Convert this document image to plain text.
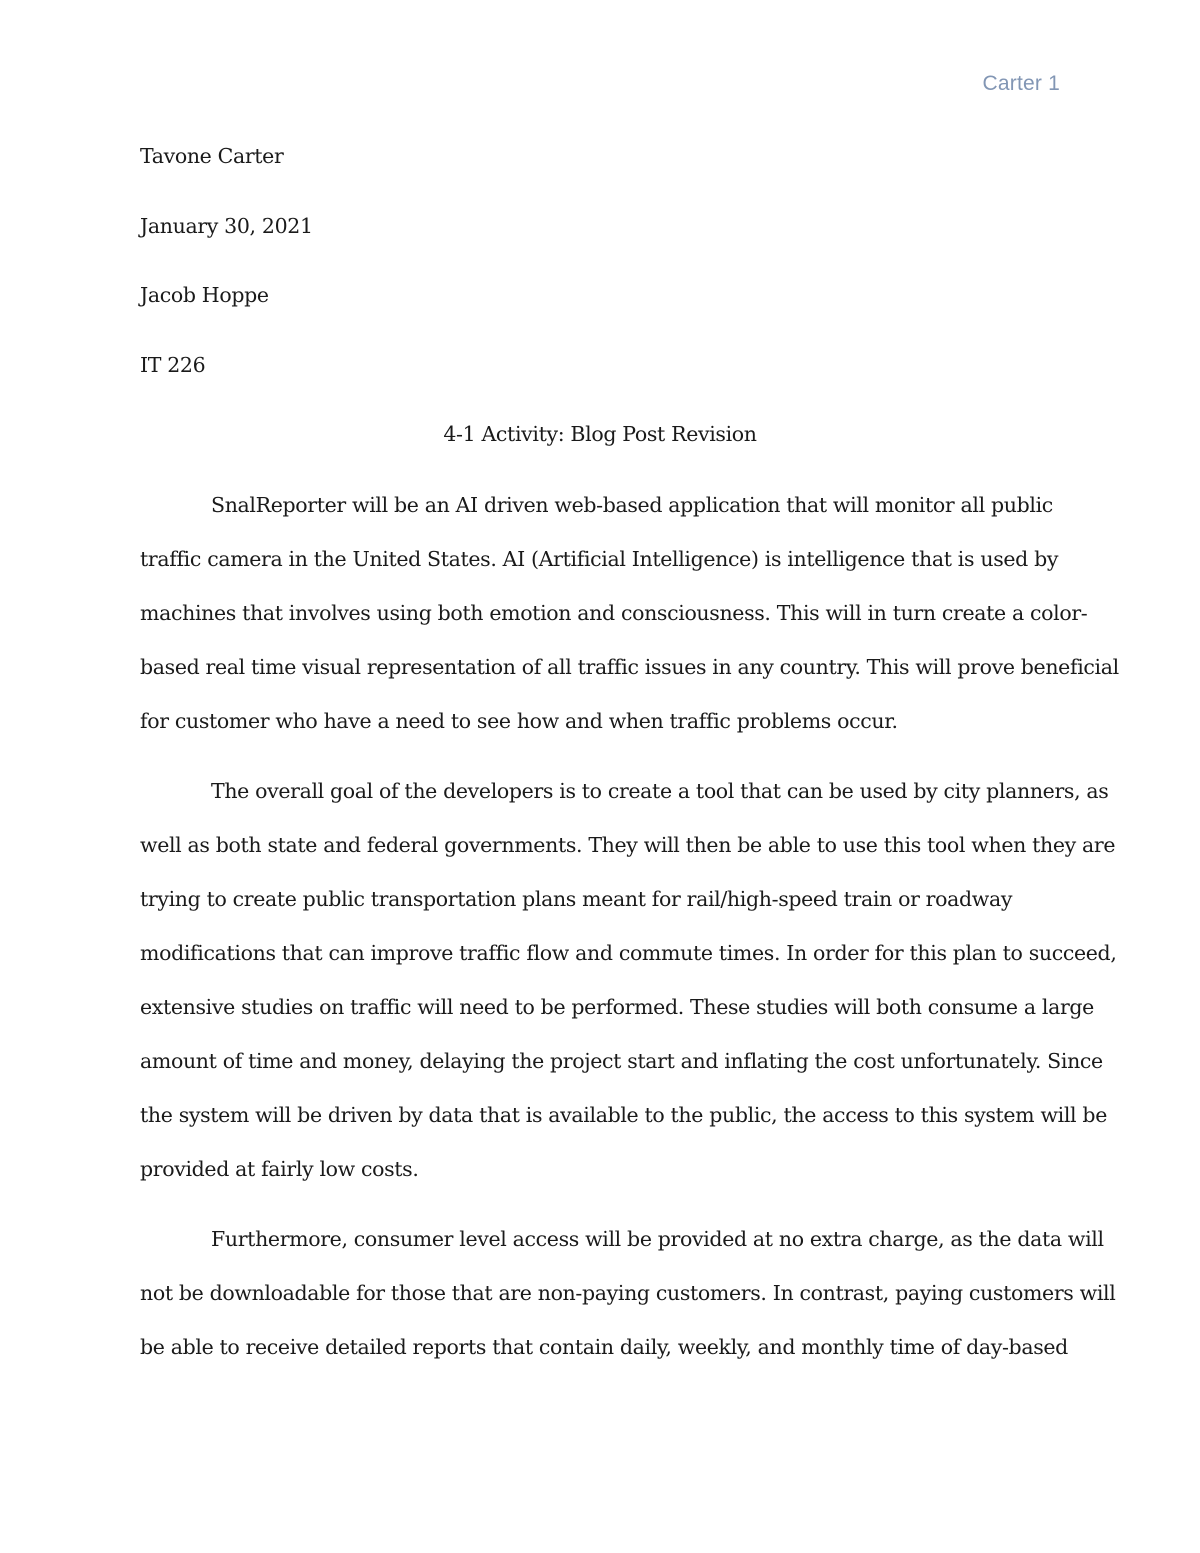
Carter 1
Tavone Carter
January 30, 2021
Jacob Hoppe
IT 226
4-1 Activity: Blog Post Revision
SnalReporter will be an AI driven web-based application that will monitor all public
traffic camera in the United States. AI (Artificial Intelligence) is intelligence that is used by
machines that involves using both emotion and consciousness. This will in turn create a color-
based real time visual representation of all traffic issues in any country. This will prove beneficial
for customer who have a need to see how and when traffic problems occur.
The overall goal of the developers is to create a tool that can be used by city planners, as
well as both state and federal governments. They will then be able to use this tool when they are
trying to create public transportation plans meant for rail/high-speed train or roadway
modifications that can improve traffic flow and commute times. In order for this plan to succeed,
extensive studies on traffic will need to be performed. These studies will both consume a large
amount of time and money, delaying the project start and inflating the cost unfortunately. Since
the system will be driven by data that is available to the public, the access to this system will be
provided at fairly low costs.
Furthermore, consumer level access will be provided at no extra charge, as the data will
not be downloadable for those that are non-paying customers. In contrast, paying customers will
be able to receive detailed reports that contain daily, weekly, and monthly time of day-based
